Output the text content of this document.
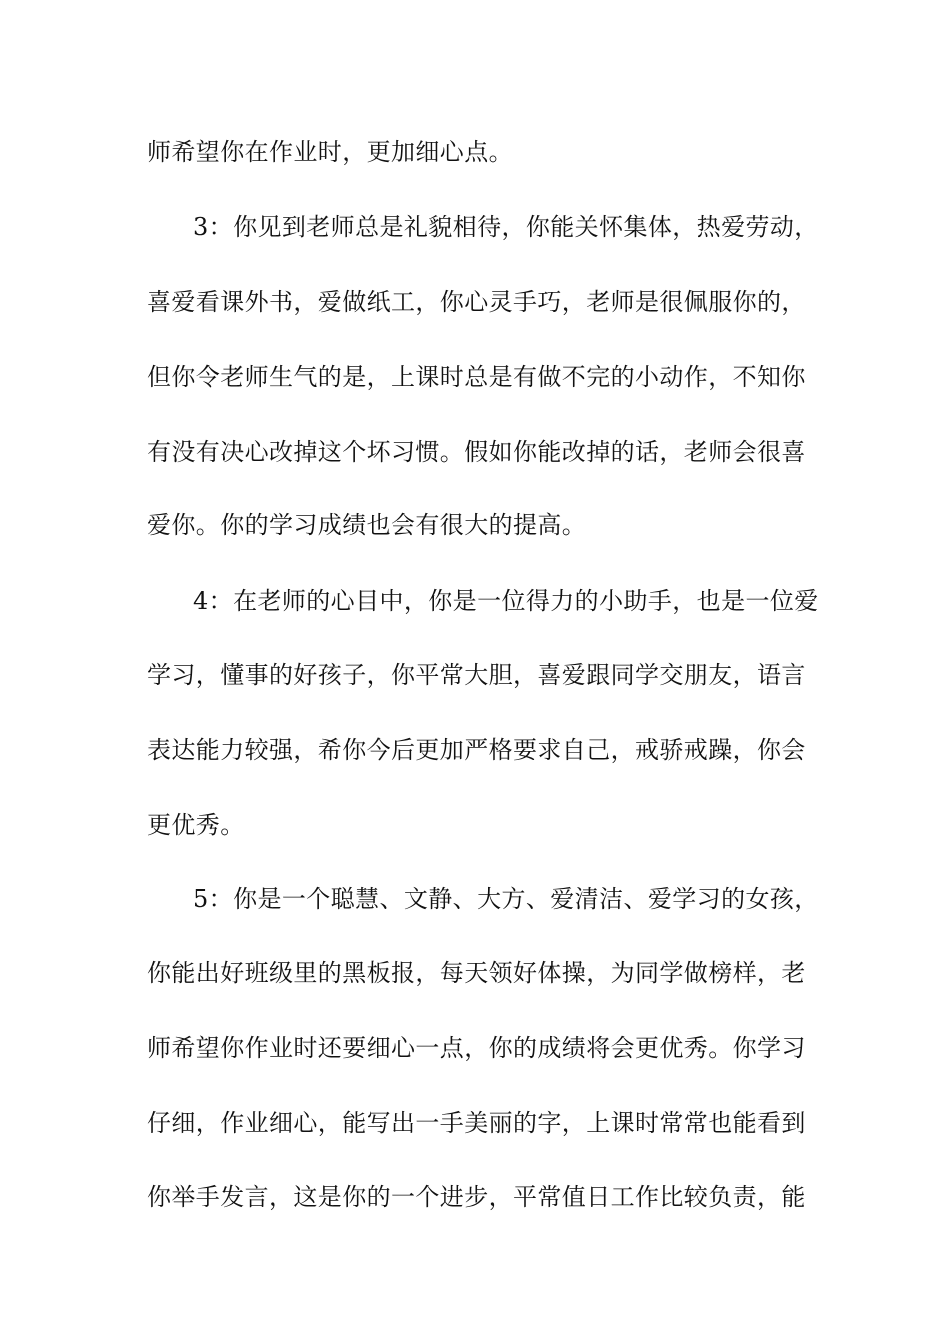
师希望你在作业时，更加细心点。
3：你见到老师总是礼貌相待，你能关怀集体，热爱劳动，
喜爱看课外书，爱做纸工，你心灵手巧，老师是很佩服你的，
但你令老师生气的是，上课时总是有做不完的小动作，不知你
有没有决心改掉这个坏习惯。假如你能改掉的话，老师会很喜
爱你。你的学习成绩也会有很大的提高。
4：在老师的心目中，你是一位得力的小助手，也是一位爱
学习，懂事的好孩子，你平常大胆，喜爱跟同学交朋友，语言
表达能力较强，希你今后更加严格要求自己，戒骄戒躁，你会
更优秀。
5：你是一个聪慧、文静、大方、爱清洁、爱学习的女孩，
你能出好班级里的黑板报，每天领好体操，为同学做榜样，老
师希望你作业时还要细心一点，你的成绩将会更优秀。你学习
仔细，作业细心，能写出一手美丽的字，上课时常常也能看到
你举手发言，这是你的一个进步，平常值日工作比较负责，能
